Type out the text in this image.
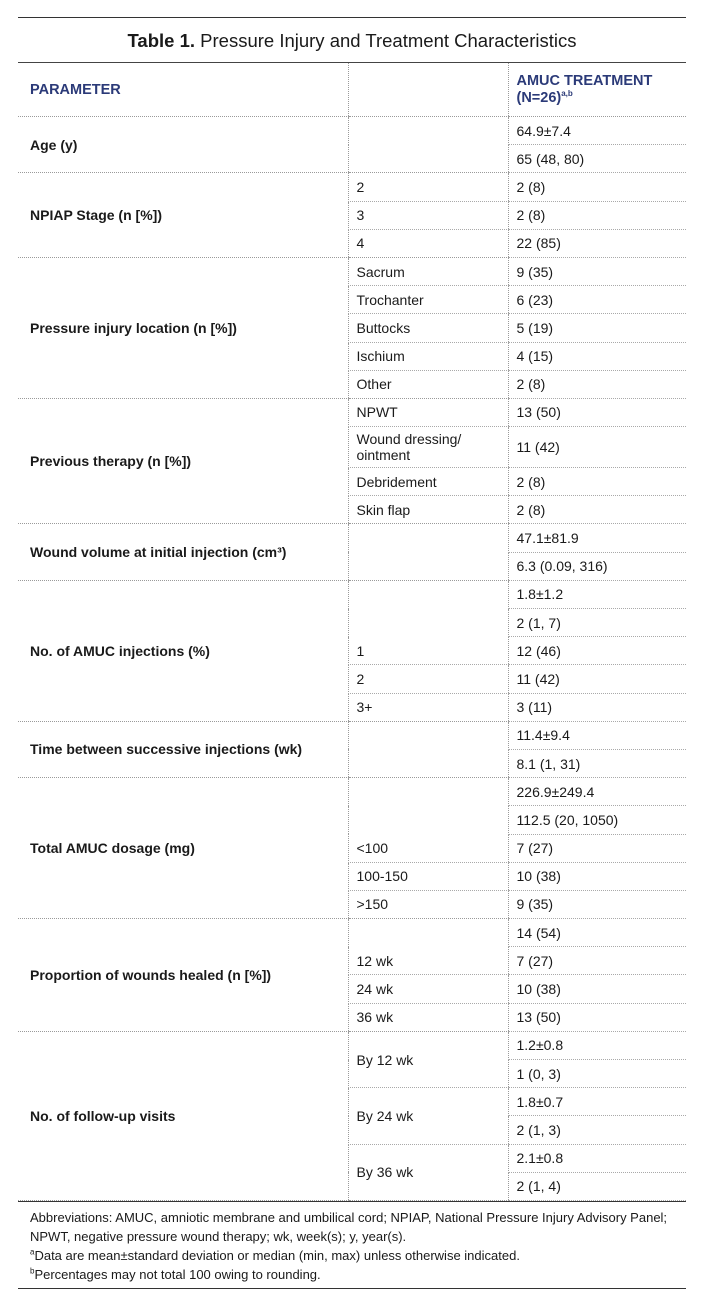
Table 1. Pressure Injury and Treatment Characteristics
PARAMETER		AMUC TREATMENT
(N=26)$^{a,b}$
Age (y)		64.9±7.4
		65 (48, 80)
NPIAP Stage (n [%])	2	2 (8)
	3	2 (8)
	4	22 (85)
Pressure injury location (n [%])	Sacrum	9 (35)
	Trochanter	6 (23)
	Buttocks	5 (19)
	Ischium	4 (15)
	Other	2 (8)
Previous therapy (n [%])	NPWT	13 (50)
	Wound dressing/ ointment	11 (42)
	Debridement	2 (8)
	Skin flap	2 (8)
Wound volume at initial injection (cm³)		47.1±81.9
		6.3 (0.09, 316)
No. of AMUC injections (%)		1.8±1.2
		2 (1, 7)
	1	12 (46)
	2	11 (42)
	3+	3 (11)
Time between successive injections (wk)		11.4±9.4
		8.1 (1, 31)
Total AMUC dosage (mg)		226.9±249.4
		112.5 (20, 1050)
	<100	7 (27)
	100-150	10 (38)
	>150	9 (35)
Proportion of wounds healed (n [%])		14 (54)
	12 wk	7 (27)
	24 wk	10 (38)
	36 wk	13 (50)
No. of follow-up visits	By 12 wk	1.2±0.8
		1 (0, 3)
	By 24 wk	1.8±0.7
		2 (1, 3)
	By 36 wk	2.1±0.8
		2 (1, 4)
Abbreviations: AMUC, amniotic membrane and umbilical cord; NPIAP, National Pressure Injury Advisory Panel; NPWT, negative pressure wound therapy; wk, week(s); y, year(s).
$^a$Data are mean±standard deviation or median (min, max) unless otherwise indicated.
$^b$Percentages may not total 100 owing to rounding.
